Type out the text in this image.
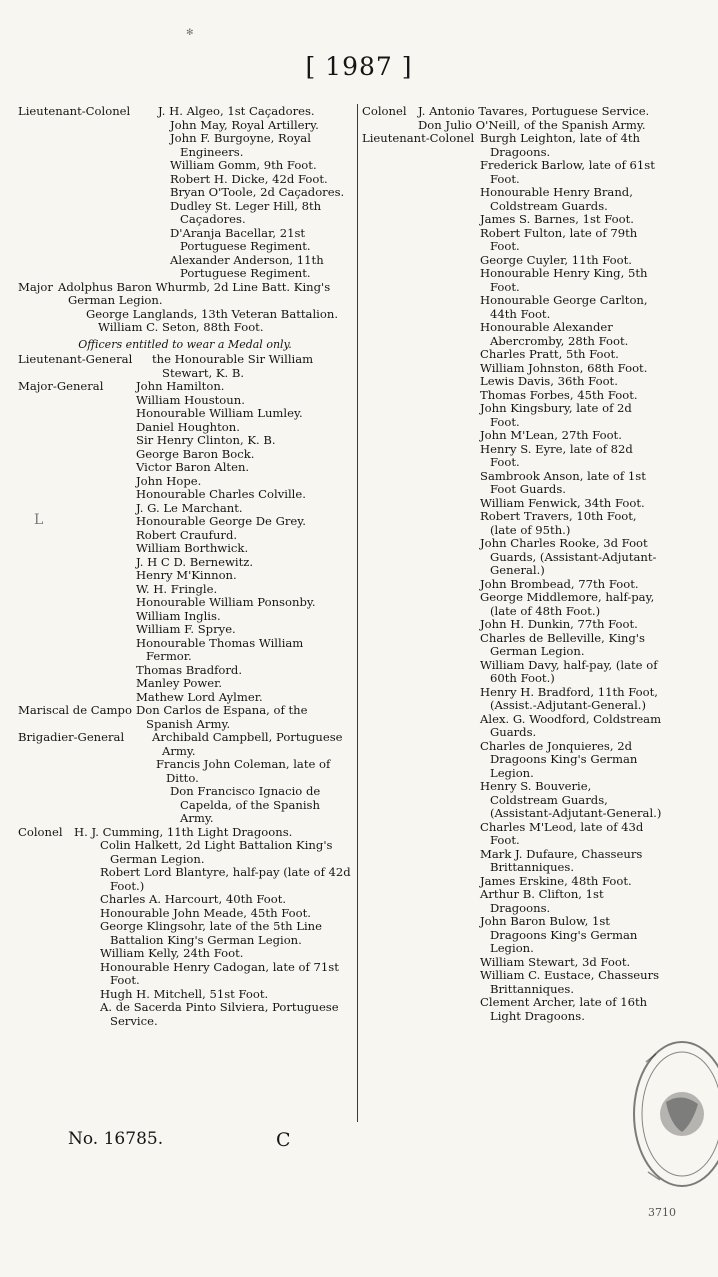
[ 1987 ]
Lieutenant-Colonel J. H. Algeo, 1st Caçadores.
John May, Royal Artillery.
John F. Burgoyne, Royal Engineers.
William Gomm, 9th Foot.
Robert H. Dicke, 42d Foot.
Bryan O'Toole, 2d Caçadores.
Dudley St. Leger Hill, 8th Caçadores.
D'Aranja Bacellar, 21st Portuguese Regiment.
Alexander Anderson, 11th Portuguese Regiment.
Major Adolphus Baron Whurmb, 2d Line Batt. King's German Legion.
George Langlands, 13th Veteran Battalion.
William C. Seton, 88th Foot.
Officers entitled to wear a Medal only.
Lieutenant-General the Honourable Sir William Stewart, K. B.
Major-General	John Hamilton.
William Houstoun.
Honourable William Lumley.
Daniel Houghton.
Sir Henry Clinton, K. B.
George Baron Bock.
Victor Baron Alten.
John Hope.
Honourable Charles Colville.
J. G. Le Marchant.
Honourable George De Grey.
Robert Craufurd.
William Borthwick.
J. H C D. Bernewitz.
Henry M'Kinnon.
W. H. Fringle.
Honourable William Ponsonby.
William Inglis.
William F. Sprye.
Honourable Thomas William Fermor.
Thomas Bradford.
Manley Power.
Mathew Lord Aylmer.
Mariscal de Campo Don Carlos de Espana, of the Spanish Army.
Brigadier-General Archibald Campbell, Portuguese Army.
Francis John Coleman, late of Ditto.
Don Francisco Ignacio de Capelda, of the Spanish Army.
Colonel H. J. Cumming, 11th Light Dragoons.
Colin Halkett, 2d Light Battalion King's German Legion.
Robert Lord Blantyre, half-pay (late of 42d Foot.)
Charles A. Harcourt, 40th Foot.
Honourable John Meade, 45th Foot.
George Klingsohr, late of the 5th Line Battalion King's German Legion.
William Kelly, 24th Foot.
Honourable Henry Cadogan, late of 71st Foot.
Hugh H. Mitchell, 51st Foot.
A. de Sacerda Pinto Silviera, Portuguese Service.
Colonel J. Antonio Tavares, Portuguese Service.
Don Julio O'Neill, of the Spanish Army.
Lieutenant-Colonel Burgh Leighton, late of 4th Dragoons.
Frederick Barlow, late of 61st Foot.
Honourable Henry Brand, Coldstream Guards.
James S. Barnes, 1st Foot.
Robert Fulton, late of 79th Foot.
George Cuyler, 11th Foot.
Honourable Henry King, 5th Foot.
Honourable George Carlton, 44th Foot.
Honourable Alexander Abercromby, 28th Foot.
Charles Pratt, 5th Foot.
William Johnston, 68th Foot.
Lewis Davis, 36th Foot.
Thomas Forbes, 45th Foot.
John Kingsbury, late of 2d Foot.
John M'Lean, 27th Foot.
Henry S. Eyre, late of 82d Foot.
Sambrook Anson, late of 1st Foot Guards.
William Fenwick, 34th Foot.
Robert Travers, 10th Foot, (late of 95th.)
John Charles Rooke, 3d Foot Guards, (Assistant-Adjutant-General.)
John Brombead, 77th Foot.
George Middlemore, half-pay, (late of 48th Foot.)
John H. Dunkin, 77th Foot.
Charles de Belleville, King's German Legion.
William Davy, half-pay, (late of 60th Foot.)
Henry H. Bradford, 11th Foot, (Assist.-Adjutant-General.)
Alex. G. Woodford, Coldstream Guards.
Charles de Jonquieres, 2d Dragoons King's German Legion.
Henry S. Bouverie, Coldstream Guards, (Assistant-Adjutant-General.)
Charles M'Leod, late of 43d Foot.
Mark J. Dufaure, Chasseurs Brittanniques.
James Erskine, 48th Foot.
Arthur B. Clifton, 1st Dragoons.
John Baron Bulow, 1st Dragoons King's German Legion.
William Stewart, 3d Foot.
William C. Eustace, Chasseurs Brittanniques.
Clement Archer, late of 16th Light Dragoons.
No. 16785.	C
3710
✻
L
